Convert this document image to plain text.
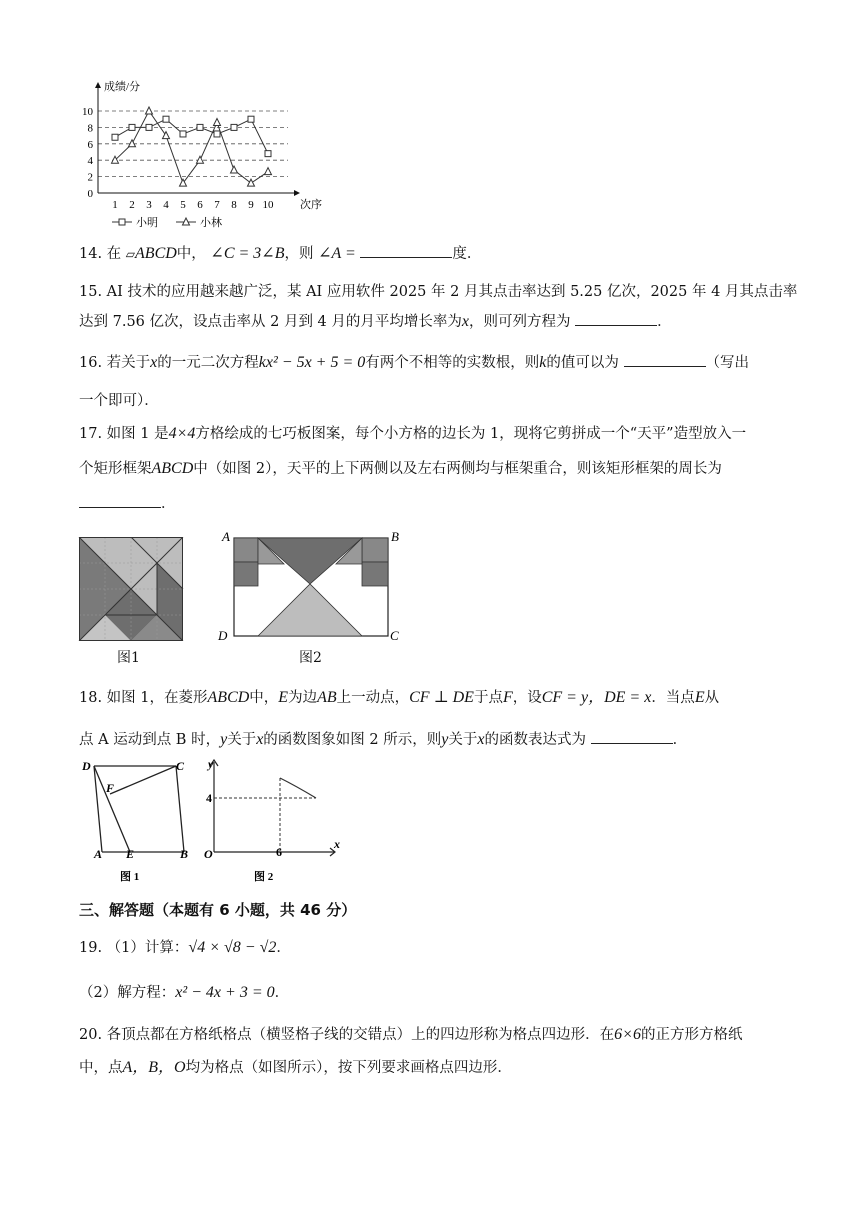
0
2
4
6
8
10
1 2 3 4 5 6 7 8 9 10
成绩/分
次序
小明	小林
14. 在 ▱ABCD中， ∠C = 3∠B，则 ∠A =	度．
15. AI 技术的应用越来越广泛，某 AI 应用软件 2025 年 2 月其点击率达到 5.25 亿次，2025 年 4 月其点击率
达到 7.56 亿次，设点击率从 2 月到 4 月的月平均增长率为x，则可列方程为	．
16. 若关于x的一元二次方程kx² − 5x + 5 = 0有两个不相等的实数根，则k的值可以为	（写出
一个即可）．
17. 如图 1 是4×4方格绘成的七巧板图案，每个小方格的边长为 1，现将它剪拼成一个“天平”造型放入一
个矩形框架ABCD中（如图 2），天平的上下两侧以及左右两侧均与框架重合，则该矩形框架的周长为
．
图1
A	B
D	C
图2
18. 如图 1，在菱形ABCD中，E为边AB上一动点，CF ⊥ DE于点F，设CF = y，DE = x．当点E从
点 A 运动到点 B 时，y关于x的函数图象如图 2 所示，则y关于x的函数表达式为	．
D	C
F
A E	B
图 1
y
4
O	6
x
图 2
三、解答题（本题有 6 小题，共 46 分）
19. （1）计算：√4 × √8 − √2．
（2）解方程：x² − 4x + 3 = 0．
20. 各顶点都在方格纸格点（横竖格子线的交错点）上的四边形称为格点四边形．在6×6的正方形方格纸
中，点A，B，O均为格点（如图所示），按下列要求画格点四边形．
